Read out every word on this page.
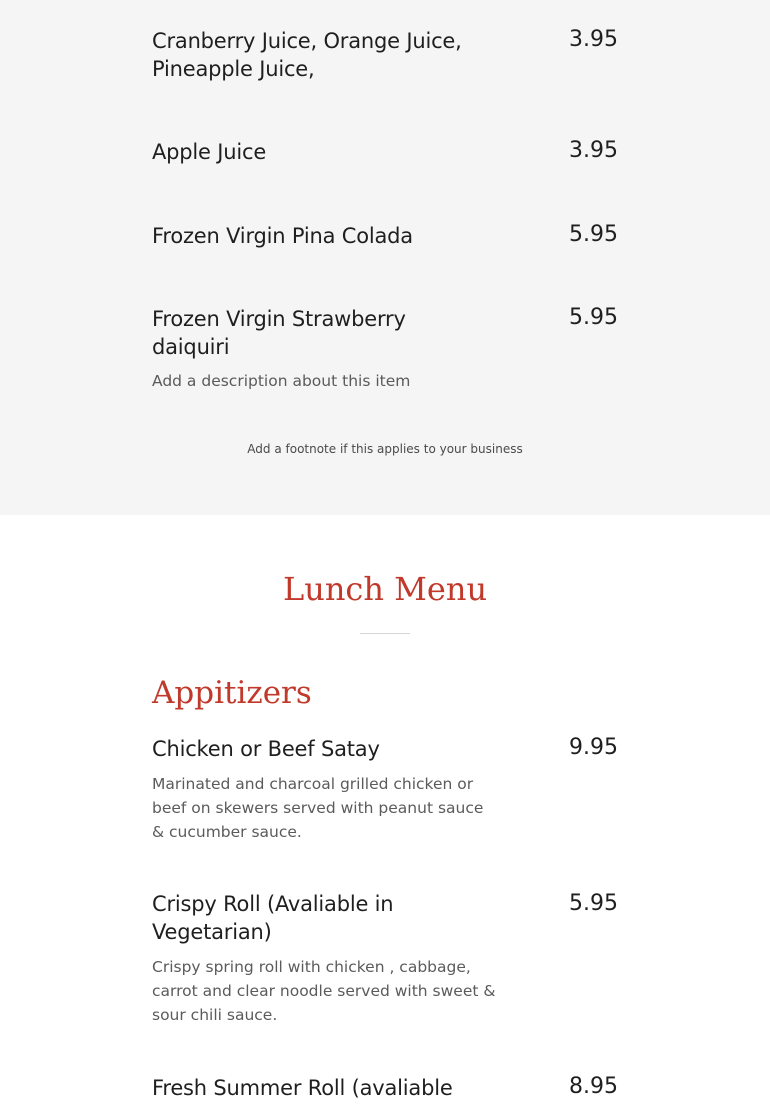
Cranberry Juice, Orange Juice, Pineapple Juice,
3.95
Apple Juice	3.95
Frozen Virgin Pina Colada	5.95
Frozen Virgin Strawberry daiquiri
5.95
Add a description about this item
Add a footnote if this applies to your business
Lunch Menu
Appitizers
Chicken or Beef Satay	9.95
Marinated and charcoal grilled chicken or beef on skewers served with peanut sauce & cucumber sauce.
Crispy Roll (Avaliable in Vegetarian)
5.95
Crispy spring roll with chicken , cabbage, carrot and clear noodle served with sweet & sour chili sauce.
Fresh Summer Roll (avaliable	8.95
